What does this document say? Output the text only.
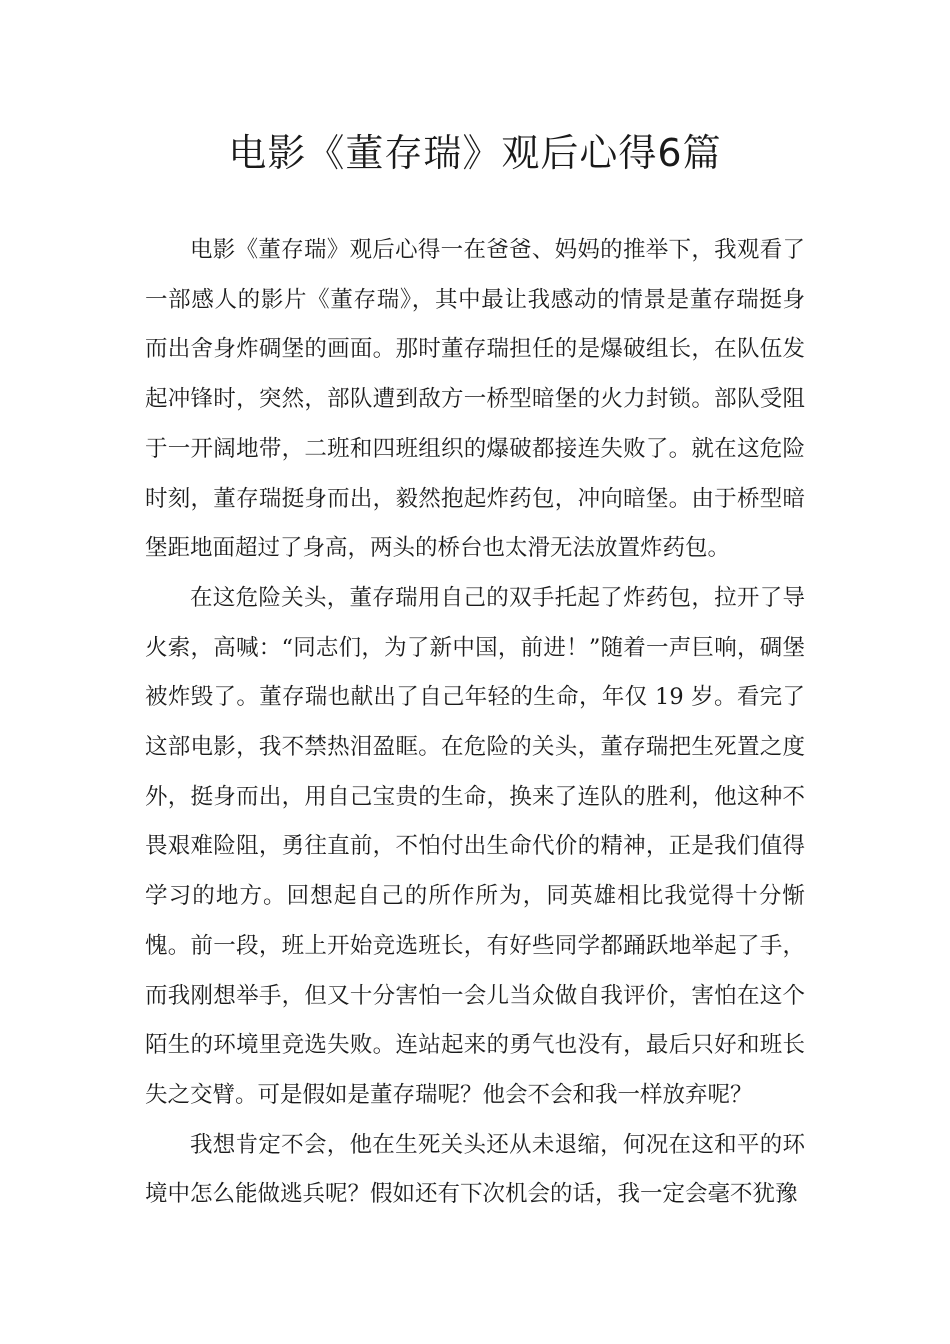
电影《董存瑞》观后心得6篇

电影《董存瑞》观后心得一在爸爸、妈妈的推举下，我观看了一部感人的影片《董存瑞》，其中最让我感动的情景是董存瑞挺身而出舍身炸碉堡的画面。那时董存瑞担任的是爆破组长，在队伍发起冲锋时，突然，部队遭到敌方一桥型暗堡的火力封锁。部队受阻于一开阔地带，二班和四班组织的爆破都接连失败了。就在这危险时刻，董存瑞挺身而出，毅然抱起炸药包，冲向暗堡。由于桥型暗堡距地面超过了身高，两头的桥台也太滑无法放置炸药包。

在这危险关头，董存瑞用自己的双手托起了炸药包，拉开了导火索，高喊：“同志们，为了新中国，前进！”随着一声巨响，碉堡被炸毁了。董存瑞也献出了自己年轻的生命，年仅 19 岁。看完了这部电影，我不禁热泪盈眶。在危险的关头，董存瑞把生死置之度外，挺身而出，用自己宝贵的生命，换来了连队的胜利，他这种不畏艰难险阻，勇往直前，不怕付出生命代价的精神，正是我们值得学习的地方。回想起自己的所作所为，同英雄相比我觉得十分惭愧。前一段，班上开始竞选班长，有好些同学都踊跃地举起了手，而我刚想举手，但又十分害怕一会儿当众做自我评价，害怕在这个陌生的环境里竞选失败。连站起来的勇气也没有，最后只好和班长失之交臂。可是假如是董存瑞呢？他会不会和我一样放弃呢？

我想肯定不会，他在生死关头还从未退缩，何况在这和平的环境中怎么能做逃兵呢？假如还有下次机会的话，我一定会毫不犹豫
